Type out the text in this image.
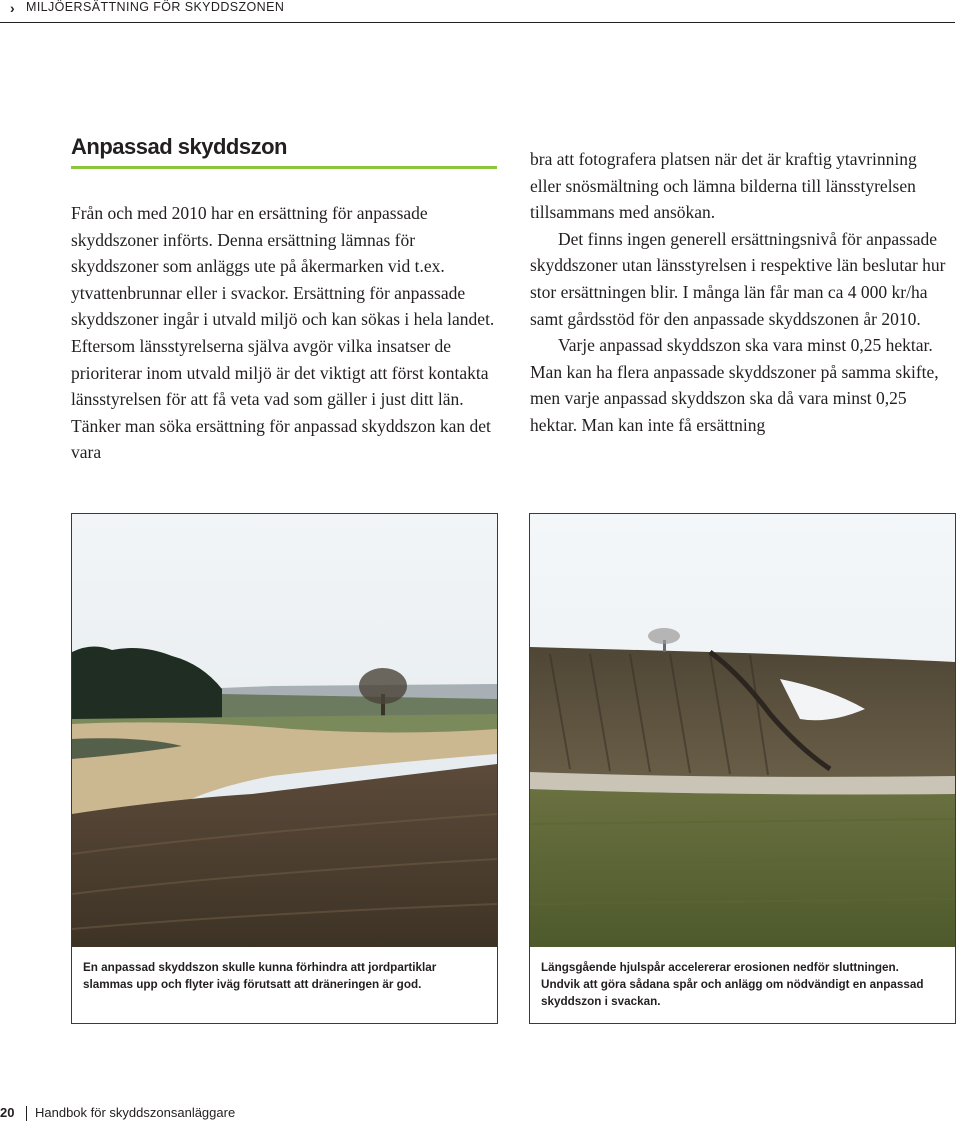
› MILJÖERSÄTTNING FÖR SKYDDSZONEN
Anpassad skyddszon

Från och med 2010 har en ersättning för anpassade skyddszoner införts. Denna ersättning lämnas för skyddszoner som anläggs ute på åkermarken vid t.ex. ytvattenbrunnar eller i svackor. Ersättning för anpassade skyddszoner ingår i utvald miljö och kan sökas i hela landet. Eftersom länsstyrelserna själva avgör vilka insatser de prioriterar inom utvald miljö är det viktigt att först kontakta länsstyrelsen för att få veta vad som gäller i just ditt län. Tänker man söka ersättning för anpassad skyddszon kan det vara

bra att fotografera platsen när det är kraftig ytavrinning eller snösmältning och lämna bilderna till länsstyrelsen tillsammans med ansökan.

Det finns ingen generell ersättningsnivå för anpassade skyddszoner utan länsstyrelsen i respektive län beslutar hur stor ersättningen blir. I många län får man ca 4 000 kr/ha samt gårdsstöd för den anpassade skyddszonen år 2010.

Varje anpassad skyddszon ska vara minst 0,25 hektar. Man kan ha flera anpassade skyddszoner på samma skifte, men varje anpassad skyddszon ska då vara minst 0,25 hektar. Man kan inte få ersättning

En anpassad skyddszon skulle kunna förhindra att jordpartiklar slammas upp och flyter iväg förutsatt att dräneringen är god.

Längsgående hjulspår accelererar erosionen nedför sluttningen.

Undvik att göra sådana spår och anlägg om nödvändigt en anpassad skyddszon i svackan.

20 Handbok för skyddszonsanläggare
